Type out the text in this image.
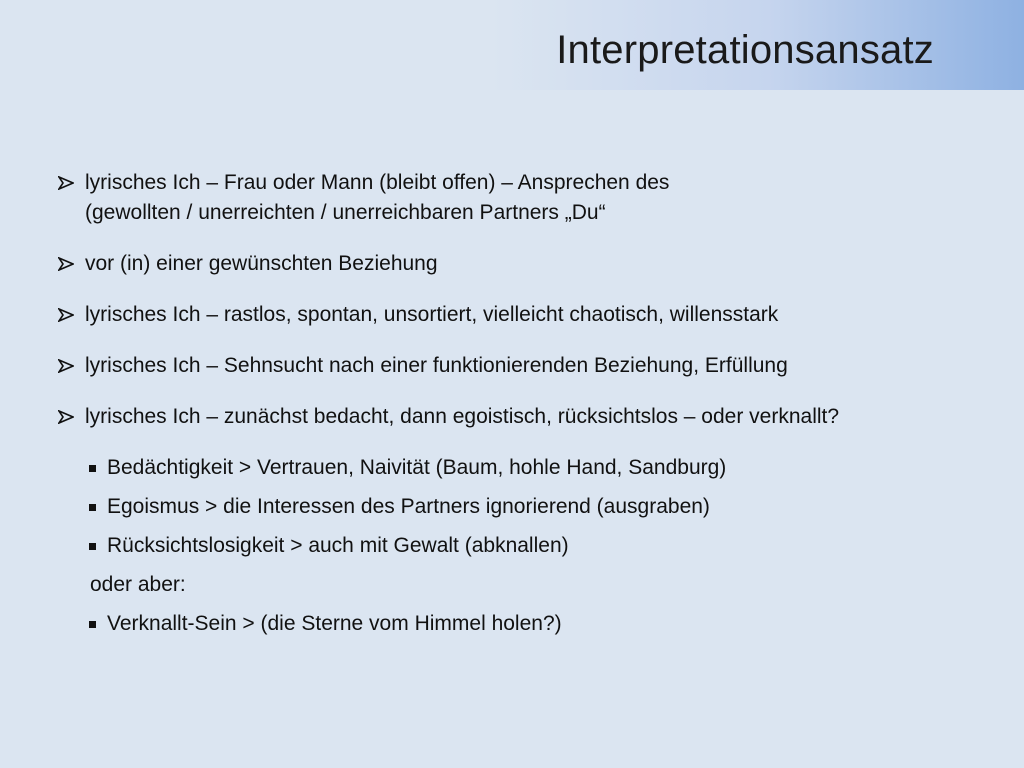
Interpretationsansatz
lyrisches Ich – Frau oder Mann (bleibt offen) – Ansprechen des
(gewollten / unerreichten / unerreichbaren Partners „Du“
vor (in) einer gewünschten Beziehung
lyrisches Ich – rastlos, spontan, unsortiert, vielleicht chaotisch, willensstark
lyrisches Ich – Sehnsucht nach einer funktionierenden Beziehung, Erfüllung
lyrisches Ich – zunächst bedacht, dann egoistisch, rücksichtslos – oder verknallt?
Bedächtigkeit > Vertrauen, Naivität (Baum, hohle Hand, Sandburg)
Egoismus > die Interessen des Partners ignorierend (ausgraben)
Rücksichtslosigkeit > auch mit Gewalt (abknallen)
oder aber:
Verknallt-Sein > (die Sterne vom Himmel holen?)
